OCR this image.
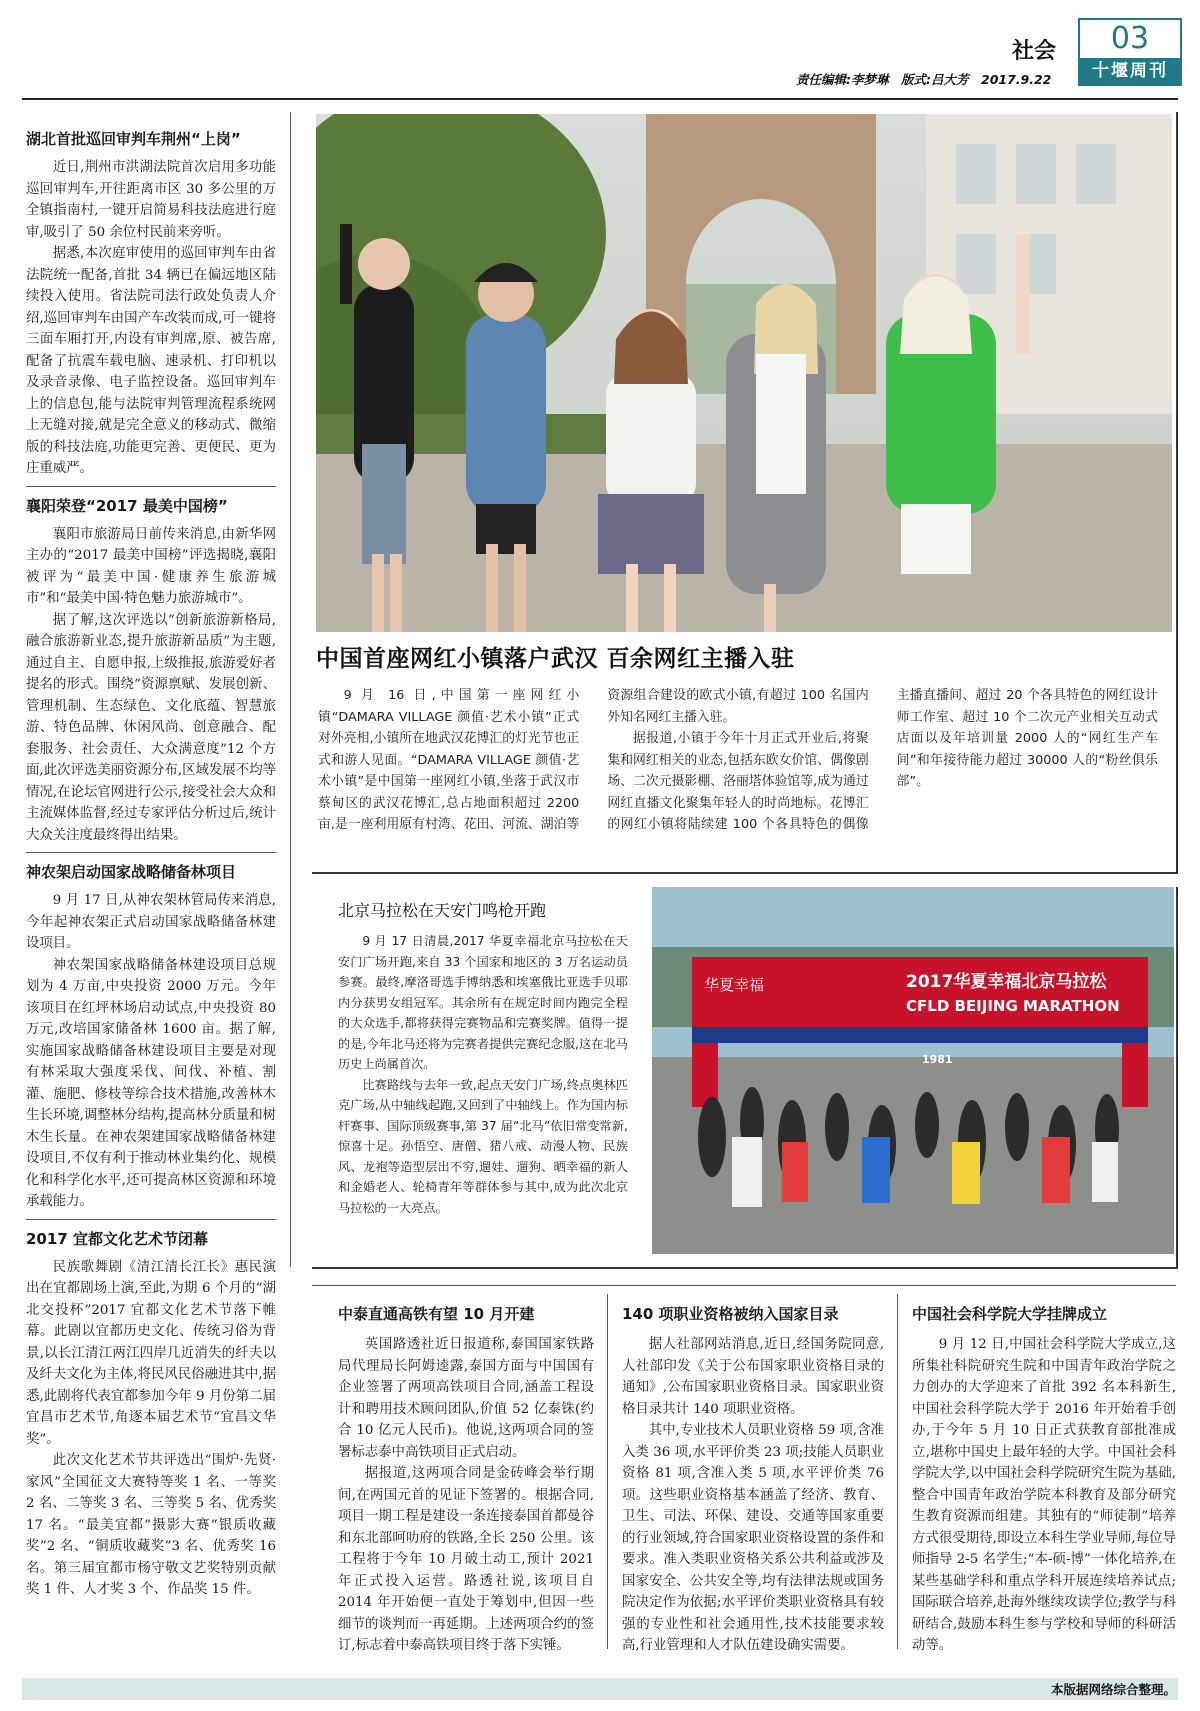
社会	03
十堰周刊
责任编辑:李梦琳　版式:吕大芳　2017.9.22
湖北首批巡回审判车荆州“上岗”

近日,荆州市洪湖法院首次启用多功能巡回审判车,开往距离市区 30 多公里的万全镇指南村,一键开启简易科技法庭进行庭审,吸引了 50 余位村民前来旁听。

据悉,本次庭审使用的巡回审判车由省法院统一配备,首批 34 辆已在偏远地区陆续投入使用。省法院司法行政处负责人介绍,巡回审判车由国产车改装而成,可一键将三面车厢打开,内设有审判席,原、被告席,配备了抗震车载电脑、速录机、打印机以及录音录像、电子监控设备。巡回审判车上的信息包,能与法院审判管理流程系统网上无缝对接,就是完全意义的移动式、微缩版的科技法庭,功能更完善、更便民、更为庄重威严。

襄阳荣登“2017 最美中国榜”

襄阳市旅游局日前传来消息,由新华网主办的“2017 最美中国榜”评选揭晓,襄阳被评为“最美中国·健康养生旅游城市”和“最美中国·特色魅力旅游城市”。

据了解,这次评选以“创新旅游新格局,融合旅游新业态,提升旅游新品质”为主题,通过自主、自愿申报,上级推报,旅游爱好者提名的形式。围绕“资源禀赋、发展创新、管理机制、生态绿色、文化底蕴、智慧旅游、特色品牌、休闲风尚、创意融合、配套服务、社会责任、大众满意度”12 个方面,此次评选美丽资源分布,区域发展不均等情况,在论坛官网进行公示,接受社会大众和主流媒体监督,经过专家评估分析过后,统计大众关注度最终得出结果。

神农架启动国家战略储备林项目

9 月 17 日,从神农架林管局传来消息,今年起神农架正式启动国家战略储备林建设项目。

神农架国家战略储备林建设项目总规划为 4 万亩,中央投资 2000 万元。今年该项目在红坪林场启动试点,中央投资 80 万元,改培国家储备林 1600 亩。据了解,实施国家战略储备林建设项目主要是对现有林采取大强度采伐、间伐、补植、割灌、施肥、修枝等综合技术措施,改善林木生长环境,调整林分结构,提高林分质量和树木生长量。在神农架建国家战略储备林建设项目,不仅有利于推动林业集约化、规模化和科学化水平,还可提高林区资源和环境承载能力。

2017 宜都文化艺术节闭幕

民族歌舞剧《清江清长江长》惠民演出在宜都剧场上演,至此,为期 6 个月的“湖北交投杯”2017 宜都文化艺术节落下帷幕。此剧以宜都历史文化、传统习俗为背景,以长江清江两江四岸几近消失的纤夫以及纤夫文化为主体,将民风民俗融进其中,据悉,此剧将代表宜都参加今年 9 月份第二届宜昌市艺术节,角逐本届艺术节“宜昌文华奖”。

此次文化艺术节共评选出“围炉·先贤·家风”全国征文大赛特等奖 1 名、一等奖 2 名、二等奖 3 名、三等奖 5 名、优秀奖 17 名。“最美宜都”摄影大赛“银质收藏奖”2 名、“铜质收藏奖”3 名、优秀奖 16 名。第三届宜都市杨守敬文艺奖特别贡献奖 1 件、人才奖 3 个、作品奖 15 件。

中国首座网红小镇落户武汉 百余网红主播入驻

9 月 16 日,中国第一座网红小镇“DAMARA VILLAGE 颜值·艺术小镇”正式对外亮相,小镇所在地武汉花博汇的灯光节也正式和游人见面。“DAMARA VILLAGE 颜值·艺术小镇”是中国第一座网红小镇,坐落于武汉市蔡甸区的武汉花博汇,总占地面积超过 2200 亩,是一座利用原有村湾、花田、河流、湖泊等资源组合建设的欧式小镇,有超过 100 名国内外知名网红主播入驻。

据报道,小镇于今年十月正式开业后,将聚集和网红相关的业态,包括东欧女价馆、偶像剧场、二次元摄影棚、洛丽塔体验馆等,成为通过网红直播文化聚集年轻人的时尚地标。花博汇的网红小镇将陆续建 100 个各具特色的偶像主播直播间、超过 20 个各具特色的网红设计师工作室、超过 10 个二次元产业相关互动式店面以及年培训量 2000 人的“网红生产车间”和年接待能力超过 30000 人的“粉丝俱乐部”。

北京马拉松在天安门鸣枪开跑

9 月 17 日清晨,2017 华夏幸福北京马拉松在天安门广场开跑,来自 33 个国家和地区的 3 万名运动员参赛。最终,摩洛哥选手博纳悉和埃塞俄比亚选手贝耶内分获男女组冠军。其余所有在规定时间内跑完全程的大众选手,都将获得完赛物品和完赛奖牌。值得一提的是,今年北马还将为完赛者提供完赛纪念服,这在北马历史上尚属首次。

比赛路线与去年一致,起点天安门广场,终点奥林匹克广场,从中轴线起跑,又回到了中轴线上。作为国内标杆赛事、国际顶级赛事,第 37 届“北马”依旧常变常新,惊喜十足。孙悟空、唐僧、猪八戒、动漫人物、民族风、龙袍等造型层出不穷,遛娃、遛狗、晒幸福的新人和金婚老人、轮椅青年等群体参与其中,成为此次北京马拉松的一大亮点。

华夏幸福	2017华夏幸福北京马拉松
CFLD BEIJING MARATHON
1981
中泰直通高铁有望 10 月开建

英国路透社近日报道称,泰国国家铁路局代理局长阿姆逵露,泰国方面与中国国有企业签署了两项高铁项目合同,涵盖工程设计和聘用技术顾问团队,价值 52 亿泰铢(约合 10 亿元人民币)。他说,这两项合同的签署标志泰中高铁项目正式启动。

据报道,这两项合同是金砖峰会举行期间,在两国元首的见证下签署的。根据合同,项目一期工程是建设一条连接泰国首都曼谷和东北部呵叻府的铁路,全长 250 公里。该工程将于今年 10 月破土动工,预计 2021 年正式投入运营。路透社说,该项目自 2014 年开始便一直处于筹划中,但因一些细节的谈判而一再延期。上述两项合约的签订,标志着中泰高铁项目终于落下实锤。

140 项职业资格被纳入国家目录

据人社部网站消息,近日,经国务院同意,人社部印发《关于公布国家职业资格目录的通知》,公布国家职业资格目录。国家职业资格目录共计 140 项职业资格。

其中,专业技术人员职业资格 59 项,含准入类 36 项,水平评价类 23 项;技能人员职业资格 81 项,含准入类 5 项,水平评价类 76 项。这些职业资格基本涵盖了经济、教育、卫生、司法、环保、建设、交通等国家重要的行业领域,符合国家职业资格设置的条件和要求。准入类职业资格关系公共利益或涉及国家安全、公共安全等,均有法律法规或国务院决定作为依据;水平评价类职业资格具有较强的专业性和社会通用性,技术技能要求较高,行业管理和人才队伍建设确实需要。

中国社会科学院大学挂牌成立

9 月 12 日,中国社会科学院大学成立,这所集社科院研究生院和中国青年政治学院之力创办的大学迎来了首批 392 名本科新生,中国社会科学院大学于 2016 年开始着手创办,于今年 5 月 10 日正式获教育部批准成立,堪称中国史上最年轻的大学。中国社会科学院大学,以中国社会科学院研究生院为基础,整合中国青年政治学院本科教育及部分研究生教育资源而组建。其独有的“师徒制”培养方式很受期待,即设立本科生学业导师,每位导师指导 2-5 名学生;“本-硕-博”一体化培养,在某些基础学科和重点学科开展连续培养试点;国际联合培养,赴海外继续攻读学位;教学与科研结合,鼓励本科生参与学校和导师的科研活动等。

本版据网络综合整理。
